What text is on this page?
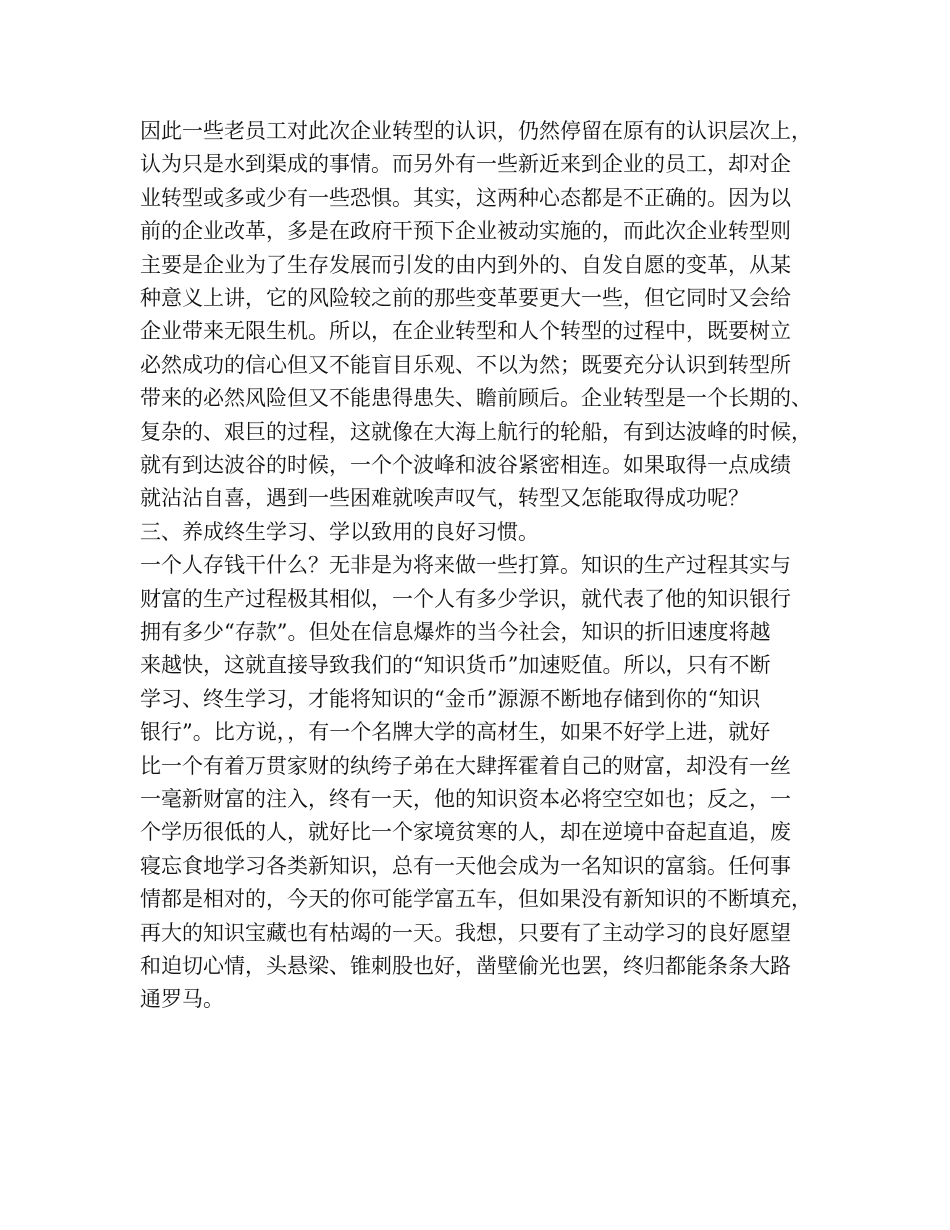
因此一些老员工对此次企业转型的认识，仍然停留在原有的认识层次上，

认为只是水到渠成的事情。而另外有一些新近来到企业的员工，却对企

业转型或多或少有一些恐惧。其实，这两种心态都是不正确的。因为以

前的企业改革，多是在政府干预下企业被动实施的，而此次企业转型则

主要是企业为了生存发展而引发的由内到外的、自发自愿的变革，从某

种意义上讲，它的风险较之前的那些变革要更大一些，但它同时又会给

企业带来无限生机。所以，在企业转型和人个转型的过程中，既要树立

必然成功的信心但又不能盲目乐观、不以为然；既要充分认识到转型所

带来的必然风险但又不能患得患失、瞻前顾后。企业转型是一个长期的、

复杂的、艰巨的过程，这就像在大海上航行的轮船，有到达波峰的时候，

就有到达波谷的时候，一个个波峰和波谷紧密相连。如果取得一点成绩

就沾沾自喜，遇到一些困难就唉声叹气，转型又怎能取得成功呢？

三、养成终生学习、学以致用的良好习惯。

一个人存钱干什么？无非是为将来做一些打算。知识的生产过程其实与

财富的生产过程极其相似，一个人有多少学识，就代表了他的知识银行

拥有多少“存款”。但处在信息爆炸的当今社会，知识的折旧速度将越

来越快，这就直接导致我们的“知识货币”加速贬值。所以，只有不断

学习、终生学习，才能将知识的“金币”源源不断地存储到你的“知识

银行”。比方说，，有一个名牌大学的高材生，如果不好学上进，就好

比一个有着万贯家财的纨绔子弟在大肆挥霍着自己的财富，却没有一丝

一毫新财富的注入，终有一天，他的知识资本必将空空如也；反之，一

个学历很低的人，就好比一个家境贫寒的人，却在逆境中奋起直追，废

寝忘食地学习各类新知识，总有一天他会成为一名知识的富翁。任何事

情都是相对的，今天的你可能学富五车，但如果没有新知识的不断填充，

再大的知识宝藏也有枯竭的一天。我想，只要有了主动学习的良好愿望

和迫切心情，头悬梁、锥刺股也好，凿壁偷光也罢，终归都能条条大路

通罗马。
